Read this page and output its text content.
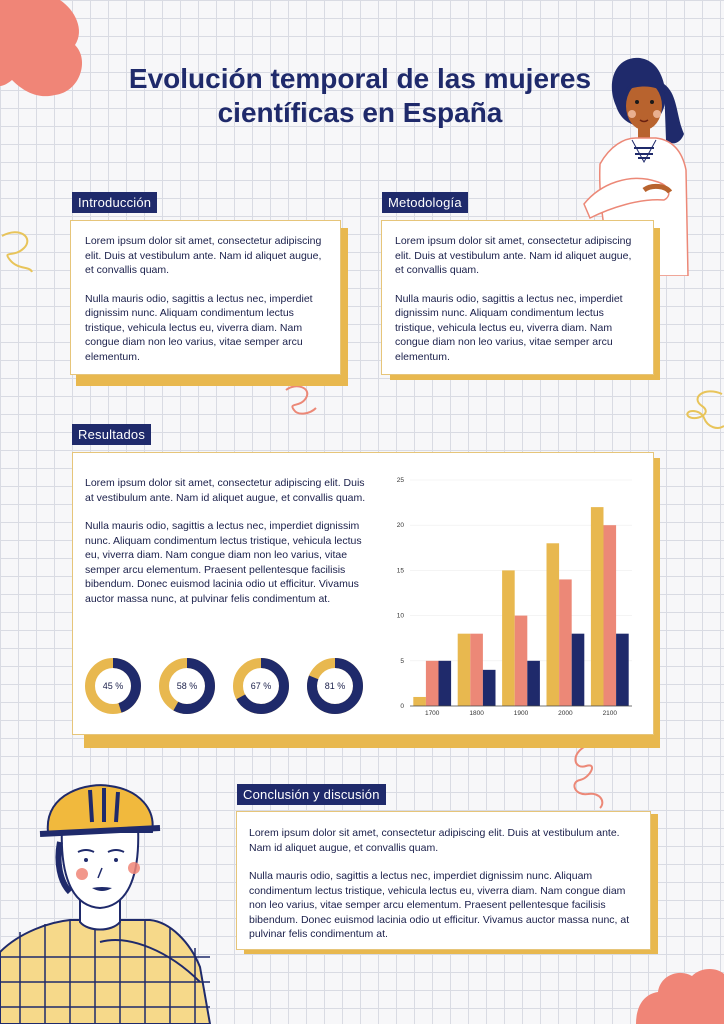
Evolución temporal de las mujeres científicas en España

Lorem ipsum dolor sit amet, consectetur adipiscing elit. Duis at vestibulum ante. Nam id aliquet augue, et convallis quam.

Nulla mauris odio, sagittis a lectus nec, imperdiet dignissim nunc. Aliquam condimentum lectus tristique, vehicula lectus eu, viverra diam. Nam congue diam non leo varius, vitae semper arcu elementum.

Introducción

Lorem ipsum dolor sit amet, consectetur adipiscing elit. Duis at vestibulum ante. Nam id aliquet augue, et convallis quam.

Nulla mauris odio, sagittis a lectus nec, imperdiet dignissim nunc. Aliquam condimentum lectus tristique, vehicula lectus eu, viverra diam. Nam congue diam non leo varius, vitae semper arcu elementum.

Metodología
Resultados

Lorem ipsum dolor sit amet, consectetur adipiscing elit. Duis at vestibulum ante. Nam id aliquet augue, et convallis quam.

Nulla mauris odio, sagittis a lectus nec, imperdiet dignissim nunc. Aliquam condimentum lectus tristique, vehicula lectus eu, viverra diam. Nam congue diam non leo varius, vitae semper arcu elementum. Praesent pellentesque facilisis bibendum. Donec euismod lacinia odio ut efficitur. Vivamus auctor massa nunc, at pulvinar felis condimentum at.

45 %	58 %	67 %	81 %
0
5
10
15
20
25
1700	1800	1900	2000	2100

Lorem ipsum dolor sit amet, consectetur adipiscing elit. Duis at vestibulum ante. Nam id aliquet augue, et convallis quam.

Nulla mauris odio, sagittis a lectus nec, imperdiet dignissim nunc. Aliquam condimentum lectus tristique, vehicula lectus eu, viverra diam. Nam congue diam non leo varius, vitae semper arcu elementum. Praesent pellentesque facilisis bibendum. Donec euismod lacinia odio ut efficitur. Vivamus auctor massa nunc, at pulvinar felis condimentum at.

Conclusión y discusión
